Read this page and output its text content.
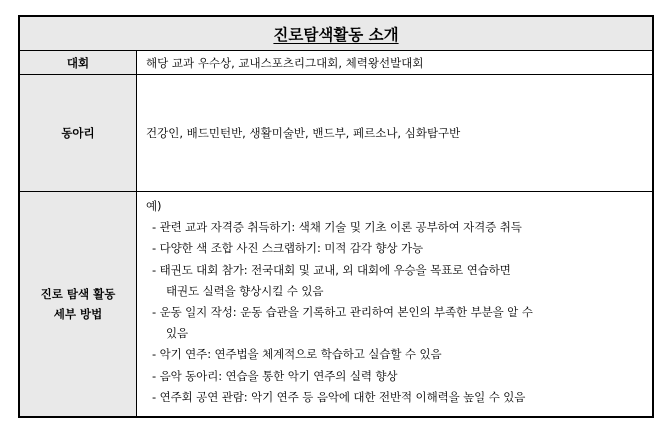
진로탐색활동 소개
대회	해당 교과 우수상, 교내스포츠리그대회, 체력왕선발대회
동아리	건강인, 배드민턴반, 생활미술반, 밴드부, 페르소나, 심화탐구반
진로 탐색 활동
세부 방법
예)
- 관련 교과 자격증 취득하기: 색채 기술 및 기초 이론 공부하여 자격증 취득
- 다양한 색 조합 사진 스크랩하기: 미적 감각 향상 가능
- 태권도 대회 참가: 전국대회 및 교내, 외 대회에 우승을 목표로 연습하면
태권도 실력을 향상시킬 수 있음
- 운동 일지 작성: 운동 습관을 기록하고 관리하여 본인의 부족한 부분을 알 수
있음
- 악기 연주: 연주법을 체계적으로 학습하고 실습할 수 있음
- 음악 동아리: 연습을 통한 악기 연주의 실력 향상
- 연주회 공연 관람: 악기 연주 등 음악에 대한 전반적 이해력을 높일 수 있음
